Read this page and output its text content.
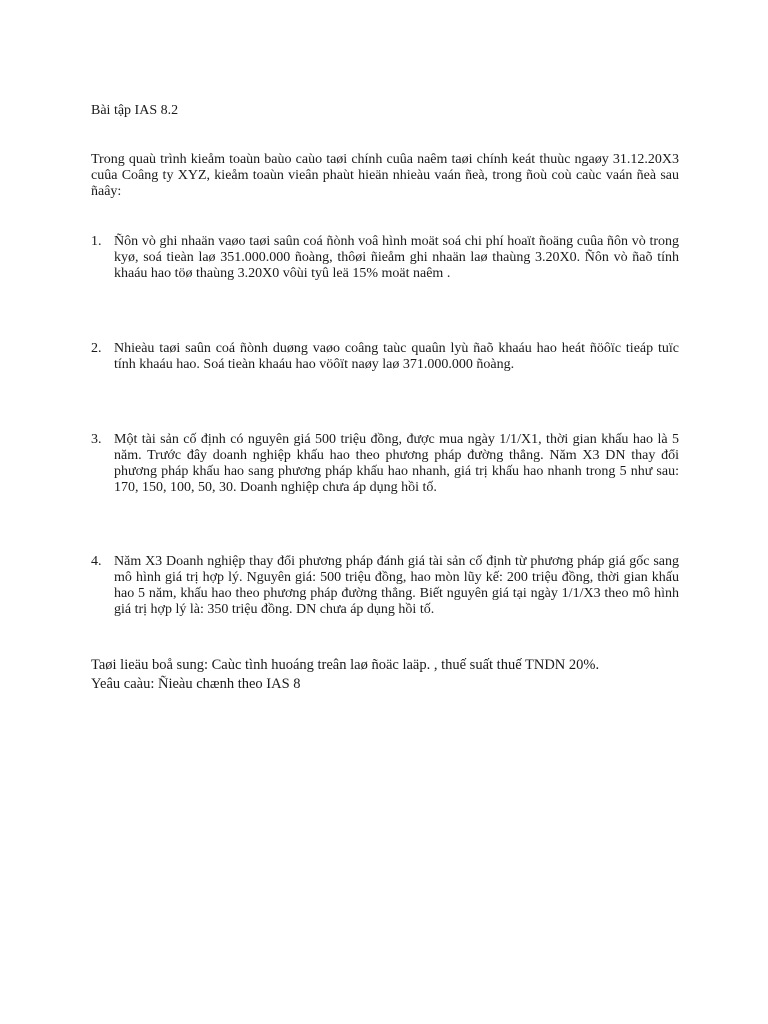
Bài tập IAS 8.2
Trong quaù trình kieåm toaùn baùo caùo taøi chính cuûa naêm taøi chính keát thuùc ngaøy 31.12.20X3 cuûa Coâng ty XYZ, kieåm toaùn vieân phaùt hieän nhieàu vaán ñeà, trong ñoù coù caùc vaán ñeà sau ñaây:
1. Ñôn vò ghi nhaän vaøo taøi saûn coá ñònh voâ hình moät soá chi phí hoaït ñoäng cuûa ñôn vò trong kyø, soá tieàn laø 351.000.000 ñoàng, thôøi ñieåm ghi nhaän laø thaùng 3.20X0. Ñôn vò ñaõ tính khaáu hao töø thaùng 3.20X0 vôùi tyû leä 15% moät naêm .
2. Nhieàu taøi saûn coá ñònh duøng vaøo coâng taùc quaûn lyù ñaõ khaáu hao heát ñöôïc tieáp tuïc tính khaáu hao. Soá tieàn khaáu hao vöôït naøy laø 371.000.000 ñoàng.
3. Một tài sản cố định có nguyên giá 500 triệu đồng, được mua ngày 1/1/X1, thời gian khấu hao là 5 năm. Trước đây doanh nghiệp khấu hao theo phương pháp đường thẳng. Năm X3 DN thay đổi phương pháp khấu hao sang phương pháp khấu hao nhanh, giá trị khấu hao nhanh trong 5 như sau: 170, 150, 100, 50, 30. Doanh nghiệp chưa áp dụng hồi tố.
4. Năm X3 Doanh nghiệp thay đổi phương pháp đánh giá tài sản cố định từ phương pháp giá gốc sang mô hình giá trị hợp lý. Nguyên giá: 500 triệu đồng, hao mòn lũy kế: 200 triệu đồng, thời gian khấu hao 5 năm, khấu hao theo phương pháp đường thẳng. Biết nguyên giá tại ngày 1/1/X3 theo mô hình giá trị hợp lý là: 350 triệu đồng. DN chưa áp dụng hồi tố.
Taøi lieäu boå sung: Caùc tình huoáng treân laø ñoäc laäp. , thuế suất thuế TNDN 20%.
Yeâu caàu: Ñieàu chænh theo IAS 8
